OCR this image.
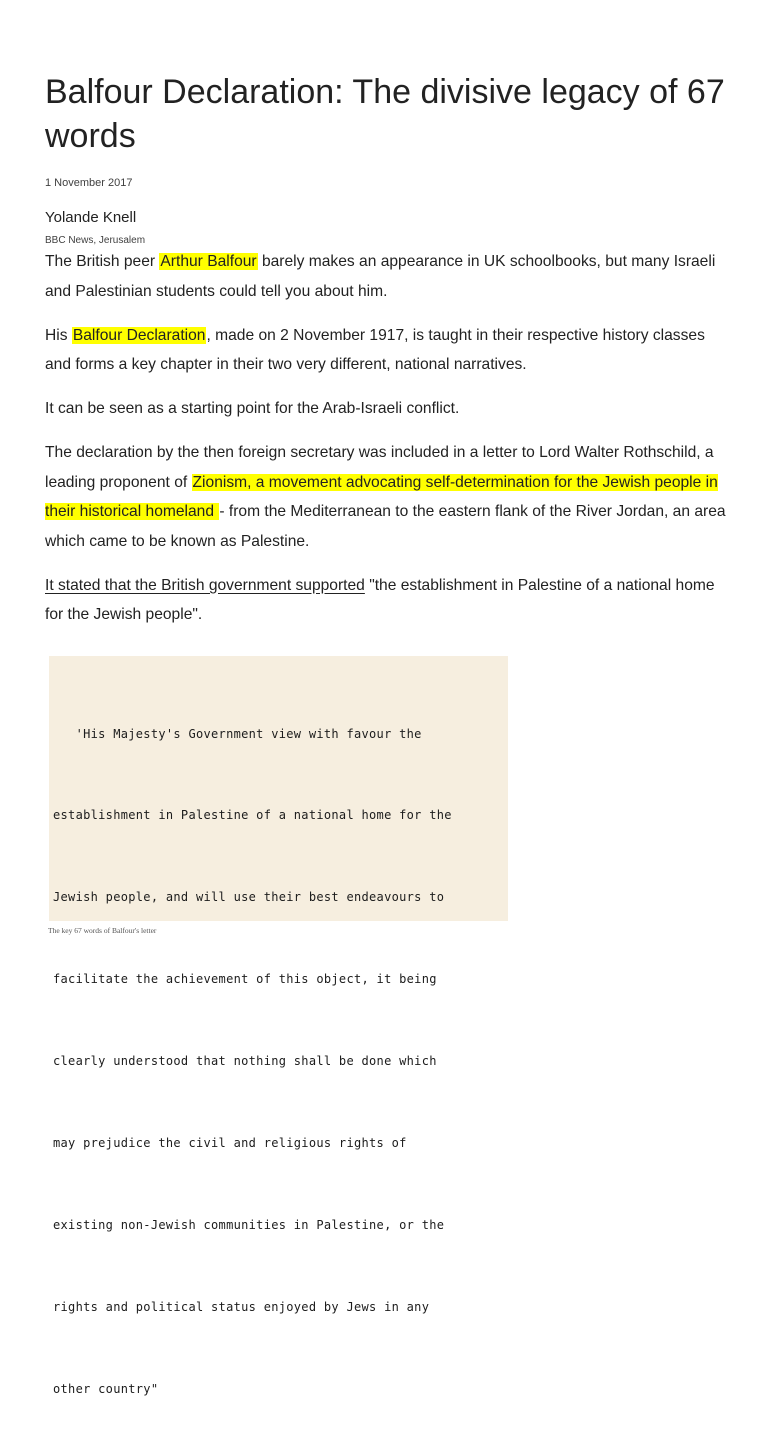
Balfour Declaration: The divisive legacy of 67 words
1 November 2017
Yolande Knell
BBC News, Jerusalem

The British peer Arthur Balfour barely makes an appearance in UK schoolbooks, but many Israeli and Palestinian students could tell you about him.

His Balfour Declaration, made on 2 November 1917, is taught in their respective history classes and forms a key chapter in their two very different, national narratives.

It can be seen as a starting point for the Arab-Israeli conflict.

The declaration by the then foreign secretary was included in a letter to Lord Walter Rothschild, a leading proponent of Zionism, a movement advocating self-determination for the Jewish people in their historical homeland - from the Mediterranean to the eastern flank of the River Jordan, an area which came to be known as Palestine.

It stated that the British government supported "the establishment in Palestine of a national home for the Jewish people".

'His Majesty's Government view with favour the

establishment in Palestine of a national home for the

Jewish people, and will use their best endeavours to

facilitate the achievement of this object, it being

clearly understood that nothing shall be done which

may prejudice the civil and religious rights of

existing non-Jewish communities in Palestine, or the

rights and political status enjoyed by Jews in any

other country"

The key 67 words of Balfour's letter
